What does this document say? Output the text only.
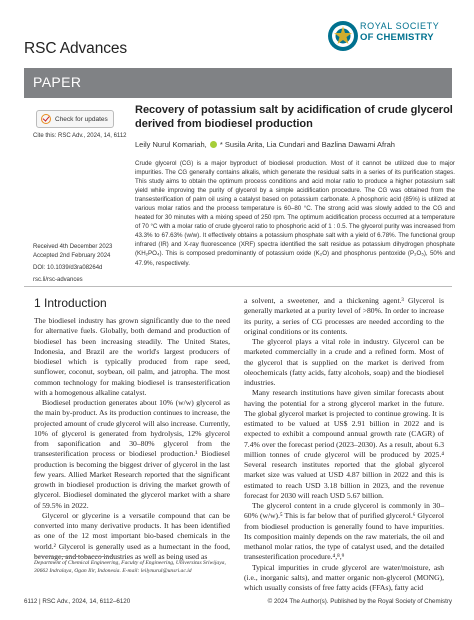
RSC Advances
ROYAL SOCIETY
OF CHEMISTRY
PAPER
Check for updates
Cite this: RSC Adv., 2024, 14, 6112
Received 4th December 2023
Accepted 2nd February 2024
DOI: 10.1039/d3ra08264d
rsc.li/rsc-advances
Recovery of potassium salt by acidification of crude glycerol derived from biodiesel production
Leily Nurul Komariah, * Susila Arita, Lia Cundari and Bazlina Dawami Afrah
Crude glycerol (CG) is a major byproduct of biodiesel production. Most of it cannot be utilized due to major impurities. The CG generally contains alkalis, which generate the residual salts in a series of its purification stages. This study aims to obtain the optimum process conditions and acid molar ratio to produce a higher potassium salt yield while improving the purity of glycerol by a simple acidification procedure. The CG was obtained from the transesterification of palm oil using a catalyst based on potassium carbonate. A phosphoric acid (85%) is utilized at various molar ratios and the process temperature is 60–80 °C. The strong acid was slowly added to the CG and heated for 30 minutes with a mixing speed of 250 rpm. The optimum acidification process occurred at a temperature of 70 °C with a molar ratio of crude glycerol ratio to phosphoric acid of 1 : 0.5. The glycerol purity was increased from 43.3% to 67.63% (w/w). It effectively obtains a potassium phosphate salt with a yield of 6.78%. The functional group infrared (IR) and X-ray fluorescence (XRF) spectra identified the salt residue as potassium dihydrogen phosphate (KH₂PO₄). This is composed predominantly of potassium oxide (K₂O) and phosphorus pentoxide (P₂O₅), 50% and 47.9%, respectively.
1 Introduction

The biodiesel industry has grown significantly due to the need for alternative fuels. Globally, both demand and production of biodiesel has been increasing steadily. The United States, Indonesia, and Brazil are the world's largest producers of biodiesel which is typically produced from rape seed, sunflower, coconut, soybean, oil palm, and jatropha. The most common technology for making biodiesel is transesterification with a homogenous alkaline catalyst.

Biodiesel production generates about 10% (w/w) glycerol as the main by-product. As its production continues to increase, the projected amount of crude glycerol will also increase. Currently, 10% of glycerol is generated from hydrolysis, 12% glycerol from saponification and 30–80% glycerol from the transesterification process or biodiesel production.¹ Biodiesel production is becoming the biggest driver of glycerol in the last few years. Allied Market Research reported that the significant growth in biodiesel production is driving the market growth of glycerol. Biodiesel dominated the glycerol market with a share of 59.5% in 2022.

Glycerol or glycerine is a versatile compound that can be converted into many derivative products. It has been identified as one of the 12 most important bio-based chemicals in the world.² Glycerol is generally used as a humectant in the food, beverage, and tobacco industries as well as being used as

a solvent, a sweetener, and a thickening agent.³ Glycerol is generally marketed at a purity level of >80%. In order to increase its purity, a series of CG processes are needed according to the original conditions or its contents.

The glycerol plays a vital role in industry. Glycerol can be marketed commercially in a crude and a refined form. Most of the glycerol that is supplied on the market is derived from oleochemicals (fatty acids, fatty alcohols, soap) and the biodiesel industries.

Many research institutions have given similar forecasts about having the potential for a strong glycerol market in the future. The global glycerol market is projected to continue growing. It is estimated to be valued at US$ 2.91 billion in 2022 and is expected to exhibit a compound annual growth rate (CAGR) of 7.4% over the forecast period (2023–2030). As a result, about 6.3 million tonnes of crude glycerol will be produced by 2025.⁴ Several research institutes reported that the global glycerol market size was valued at USD 4.87 billion in 2022 and this is estimated to reach USD 3.18 billion in 2023, and the revenue forecast for 2030 will reach USD 5.67 billion.

The glycerol content in a crude glycerol is commonly in 30–60% (w/w).⁵ This is far below that of purified glycerol.⁶ Glycerol from biodiesel production is generally found to have impurities. Its composition mainly depends on the raw materials, the oil and methanol molar ratios, the type of catalyst used, and the detailed transesterification procedure.⁴,⁸,⁹

Typical impurities in crude glycerol are water/moisture, ash (i.e., inorganic salts), and matter organic non-glycerol (MONG), which usually consists of free fatty acids (FFAs), fatty acid

Department of Chemical Engineering, Faculty of Engineering, Universitas Sriwijaya, 30662 Indralaya, Ogan Ilir, Indonesia. E-mail: leilynurul@unsri.ac.id
6112 | RSC Adv., 2024, 14, 6112–6120	© 2024 The Author(s). Published by the Royal Society of Chemistry
